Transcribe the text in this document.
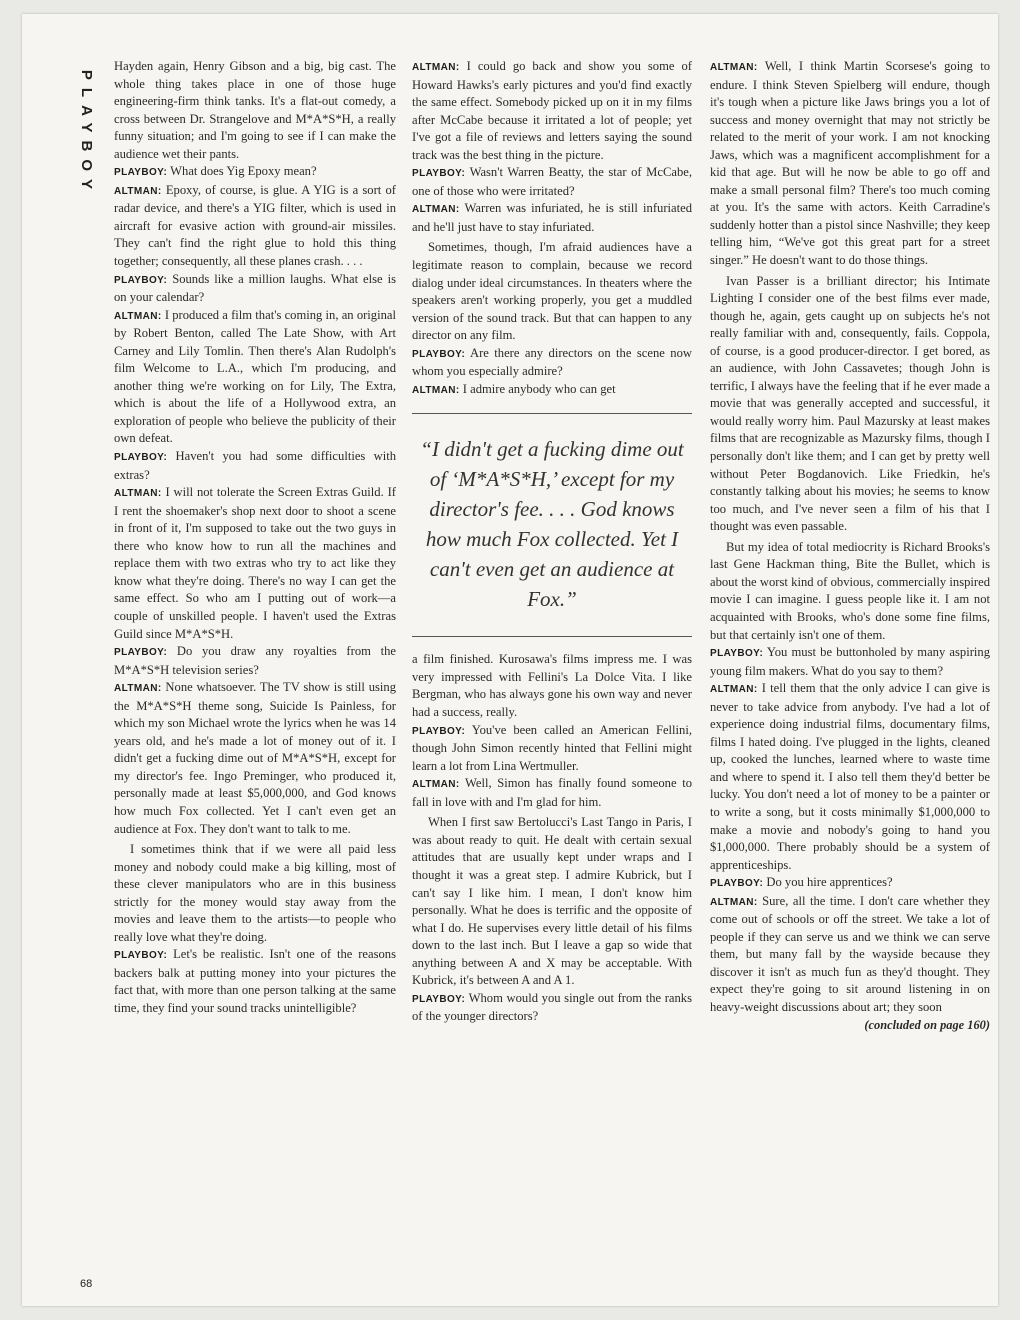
PLAYBOY

Hayden again, Henry Gibson and a big, big cast. The whole thing takes place in one of those huge engineering-firm think tanks. It's a flat-out comedy, a cross between Dr. Strangelove and M*A*S*H, a really funny situation; and I'm going to see if I can make the audience wet their pants.

PLAYBOY: What does Yig Epoxy mean?

ALTMAN: Epoxy, of course, is glue. A YIG is a sort of radar device, and there's a YIG filter, which is used in aircraft for evasive action with ground-air missiles. They can't find the right glue to hold this thing together; consequently, all these planes crash. . . .

PLAYBOY: Sounds like a million laughs. What else is on your calendar?

ALTMAN: I produced a film that's coming in, an original by Robert Benton, called The Late Show, with Art Carney and Lily Tomlin. Then there's Alan Rudolph's film Welcome to L.A., which I'm producing, and another thing we're working on for Lily, The Extra, which is about the life of a Hollywood extra, an exploration of people who believe the publicity of their own defeat.

PLAYBOY: Haven't you had some difficulties with extras?

ALTMAN: I will not tolerate the Screen Extras Guild. If I rent the shoemaker's shop next door to shoot a scene in front of it, I'm supposed to take out the two guys in there who know how to run all the machines and replace them with two extras who try to act like they know what they're doing. There's no way I can get the same effect. So who am I putting out of work—a couple of unskilled people. I haven't used the Extras Guild since M*A*S*H.

PLAYBOY: Do you draw any royalties from the M*A*S*H television series?

ALTMAN: None whatsoever. The TV show is still using the M*A*S*H theme song, Suicide Is Painless, for which my son Michael wrote the lyrics when he was 14 years old, and he's made a lot of money out of it. I didn't get a fucking dime out of M*A*S*H, except for my director's fee. Ingo Preminger, who produced it, personally made at least $5,000,000, and God knows how much Fox collected. Yet I can't even get an audience at Fox. They don't want to talk to me.

I sometimes think that if we were all paid less money and nobody could make a big killing, most of these clever manipulators who are in this business strictly for the money would stay away from the movies and leave them to the artists—to people who really love what they're doing.

PLAYBOY: Let's be realistic. Isn't one of the reasons backers balk at putting money into your pictures the fact that, with more than one person talking at the same time, they find your sound tracks unintelligible?

ALTMAN: I could go back and show you some of Howard Hawks's early pictures and you'd find exactly the same effect. Somebody picked up on it in my films after McCabe because it irritated a lot of people; yet I've got a file of reviews and letters saying the sound track was the best thing in the picture.

PLAYBOY: Wasn't Warren Beatty, the star of McCabe, one of those who were irritated?

ALTMAN: Warren was infuriated, he is still infuriated and he'll just have to stay infuriated.

Sometimes, though, I'm afraid audiences have a legitimate reason to complain, because we record dialog under ideal circumstances. In theaters where the speakers aren't working properly, you get a muddled version of the sound track. But that can happen to any director on any film.

PLAYBOY: Are there any directors on the scene now whom you especially admire?

ALTMAN: I admire anybody who can get

“I didn't get a fucking dime out of ‘M*A*S*H,’ except for my director's fee. . . . God knows how much Fox collected. Yet I can't even get an audience at Fox.”

a film finished. Kurosawa's films impress me. I was very impressed with Fellini's La Dolce Vita. I like Bergman, who has always gone his own way and never had a success, really.

PLAYBOY: You've been called an American Fellini, though John Simon recently hinted that Fellini might learn a lot from Lina Wertmuller.

ALTMAN: Well, Simon has finally found someone to fall in love with and I'm glad for him.

When I first saw Bertolucci's Last Tango in Paris, I was about ready to quit. He dealt with certain sexual attitudes that are usually kept under wraps and I thought it was a great step. I admire Kubrick, but I can't say I like him. I mean, I don't know him personally. What he does is terrific and the opposite of what I do. He supervises every little detail of his films down to the last inch. But I leave a gap so wide that anything between A and X may be acceptable. With Kubrick, it's between A and A 1.

PLAYBOY: Whom would you single out from the ranks of the younger directors?

ALTMAN: Well, I think Martin Scorsese's going to endure. I think Steven Spielberg will endure, though it's tough when a picture like Jaws brings you a lot of success and money overnight that may not strictly be related to the merit of your work. I am not knocking Jaws, which was a magnificent accomplishment for a kid that age. But will he now be able to go off and make a small personal film? There's too much coming at you. It's the same with actors. Keith Carradine's suddenly hotter than a pistol since Nashville; they keep telling him, “We've got this great part for a street singer.” He doesn't want to do those things.

Ivan Passer is a brilliant director; his Intimate Lighting I consider one of the best films ever made, though he, again, gets caught up on subjects he's not really familiar with and, consequently, fails. Coppola, of course, is a good producer-director. I get bored, as an audience, with John Cassavetes; though John is terrific, I always have the feeling that if he ever made a movie that was generally accepted and successful, it would really worry him. Paul Mazursky at least makes films that are recognizable as Mazursky films, though I personally don't like them; and I can get by pretty well without Peter Bogdanovich. Like Friedkin, he's constantly talking about his movies; he seems to know too much, and I've never seen a film of his that I thought was even passable.

But my idea of total mediocrity is Richard Brooks's last Gene Hackman thing, Bite the Bullet, which is about the worst kind of obvious, commercially inspired movie I can imagine. I guess people like it. I am not acquainted with Brooks, who's done some fine films, but that certainly isn't one of them.

PLAYBOY: You must be buttonholed by many aspiring young film makers. What do you say to them?

ALTMAN: I tell them that the only advice I can give is never to take advice from anybody. I've had a lot of experience doing industrial films, documentary films, films I hated doing. I've plugged in the lights, cleaned up, cooked the lunches, learned where to waste time and where to spend it. I also tell them they'd better be lucky. You don't need a lot of money to be a painter or to write a song, but it costs minimally $1,000,000 to make a movie and nobody's going to hand you $1,000,000. There probably should be a system of apprenticeships.

PLAYBOY: Do you hire apprentices?

ALTMAN: Sure, all the time. I don't care whether they come out of schools or off the street. We take a lot of people if they can serve us and we think we can serve them, but many fall by the wayside because they discover it isn't as much fun as they'd thought. They expect they're going to sit around listening in on heavy-weight discussions about art; they soon

(concluded on page 160)

68
